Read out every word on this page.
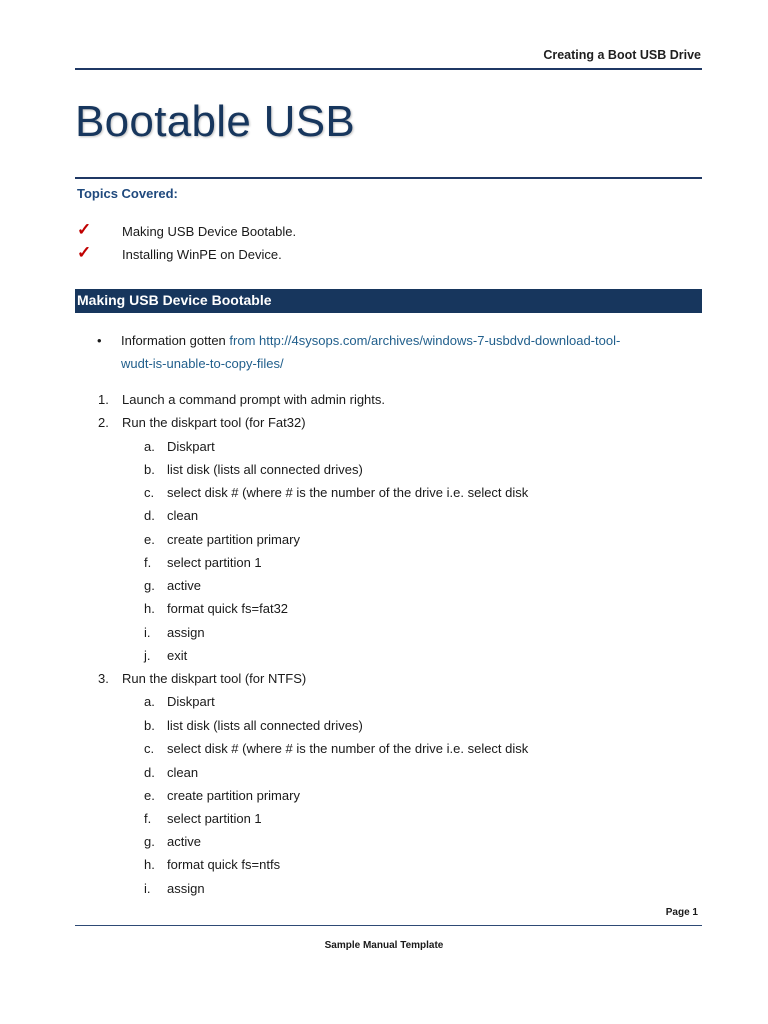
Creating a Boot USB Drive
Bootable USB
Topics Covered:
✓ Making USB Device Bootable.
✓ Installing WinPE on Device.
Making USB Device Bootable
• Information gotten from http://4sysops.com/archives/windows-7-usbdvd-download-tool-wudt-is-unable-to-copy-files/
1. Launch a command prompt with admin rights.
2. Run the diskpart tool (for Fat32)
a. Diskpart
b. list disk (lists all connected drives)
c. select disk # (where # is the number of the drive i.e. select disk
d. clean
e. create partition primary
f. select partition 1
g. active
h. format quick fs=fat32
i. assign
j. exit
3. Run the diskpart tool (for NTFS)
a. Diskpart
b. list disk (lists all connected drives)
c. select disk # (where # is the number of the drive i.e. select disk
d. clean
e. create partition primary
f. select partition 1
g. active
h. format quick fs=ntfs
i. assign
Page 1
Sample Manual Template
